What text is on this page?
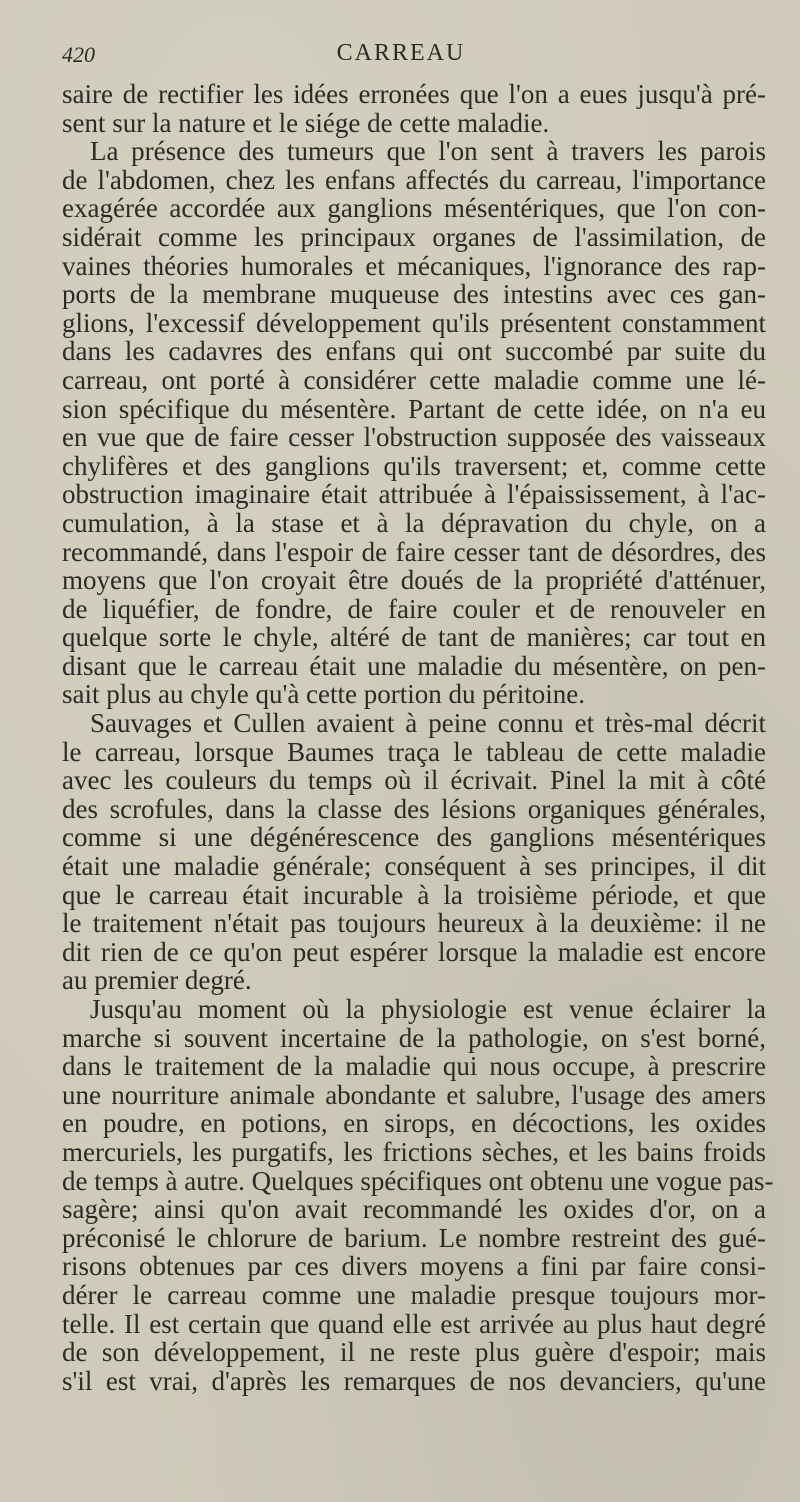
420	CARREAU
saire de rectifier les idées erronées que l'on a eues jusqu'à pré-
sent sur la nature et le siége de cette maladie.
La présence des tumeurs que l'on sent à travers les parois
de l'abdomen, chez les enfans affectés du carreau, l'importance
exagérée accordée aux ganglions mésentériques, que l'on con-
sidérait comme les principaux organes de l'assimilation, de
vaines théories humorales et mécaniques, l'ignorance des rap-
ports de la membrane muqueuse des intestins avec ces gan-
glions, l'excessif développement qu'ils présentent constamment
dans les cadavres des enfans qui ont succombé par suite du
carreau, ont porté à considérer cette maladie comme une lé-
sion spécifique du mésentère. Partant de cette idée, on n'a eu
en vue que de faire cesser l'obstruction supposée des vaisseaux
chylifères et des ganglions qu'ils traversent; et, comme cette
obstruction imaginaire était attribuée à l'épaississement, à l'ac-
cumulation, à la stase et à la dépravation du chyle, on a
recommandé, dans l'espoir de faire cesser tant de désordres, des
moyens que l'on croyait être doués de la propriété d'atténuer,
de liquéfier, de fondre, de faire couler et de renouveler en
quelque sorte le chyle, altéré de tant de manières; car tout en
disant que le carreau était une maladie du mésentère, on pen-
sait plus au chyle qu'à cette portion du péritoine.
Sauvages et Cullen avaient à peine connu et très-mal décrit
le carreau, lorsque Baumes traça le tableau de cette maladie
avec les couleurs du temps où il écrivait. Pinel la mit à côté
des scrofules, dans la classe des lésions organiques générales,
comme si une dégénérescence des ganglions mésentériques
était une maladie générale; conséquent à ses principes, il dit
que le carreau était incurable à la troisième période, et que
le traitement n'était pas toujours heureux à la deuxième: il ne
dit rien de ce qu'on peut espérer lorsque la maladie est encore
au premier degré.
Jusqu'au moment où la physiologie est venue éclairer la
marche si souvent incertaine de la pathologie, on s'est borné,
dans le traitement de la maladie qui nous occupe, à prescrire
une nourriture animale abondante et salubre, l'usage des amers
en poudre, en potions, en sirops, en décoctions, les oxides
mercuriels, les purgatifs, les frictions sèches, et les bains froids
de temps à autre. Quelques spécifiques ont obtenu une vogue pas-
sagère; ainsi qu'on avait recommandé les oxides d'or, on a
préconisé le chlorure de barium. Le nombre restreint des gué-
risons obtenues par ces divers moyens a fini par faire consi-
dérer le carreau comme une maladie presque toujours mor-
telle. Il est certain que quand elle est arrivée au plus haut degré
de son développement, il ne reste plus guère d'espoir; mais
s'il est vrai, d'après les remarques de nos devanciers, qu'une
